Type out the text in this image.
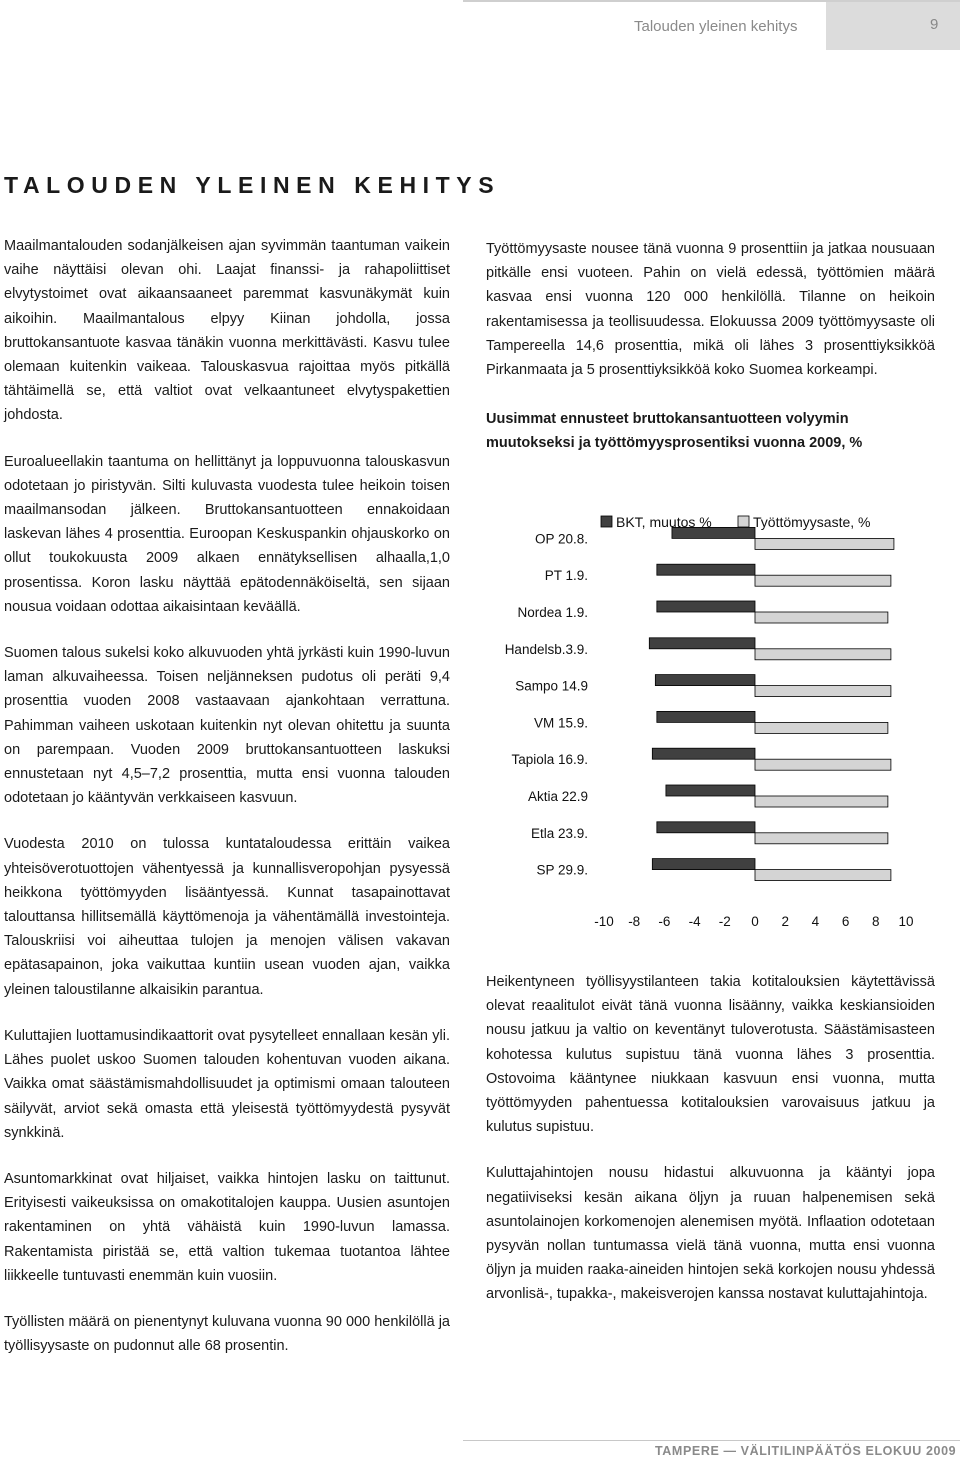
Talouden yleinen kehitys	9
TALOUDEN YLEINEN KEHITYS

Maailmantalouden sodanjälkeisen ajan syvimmän taantuman vaikein vaihe näyttäisi olevan ohi. Laajat finanssi- ja rahapoliittiset elvytystoimet ovat aikaansaaneet paremmat kasvunäkymät kuin aikoihin. Maailmantalous elpyy Kiinan johdolla, jossa bruttokansantuote kasvaa tänäkin vuonna merkittävästi. Kasvu tulee olemaan kuitenkin vaikeaa. Talouskasvua rajoittaa myös pitkällä tähtäimellä se, että valtiot ovat velkaantuneet elvytyspakettien johdosta.

Euroalueellakin taantuma on hellittänyt ja loppuvuonna talouskasvun odotetaan jo piristyvän. Silti kuluvasta vuodesta tulee heikoin toisen maailmansodan jälkeen. Bruttokansantuotteen ennakoidaan laskevan lähes 4 prosenttia. Euroopan Keskuspankin ohjauskorko on ollut toukokuusta 2009 alkaen ennätyksellisen alhaalla,1,0 prosentissa. Koron lasku näyttää epätodennäköiseltä, sen sijaan nousua voidaan odottaa aikaisintaan keväällä.

Suomen talous sukelsi koko alkuvuoden yhtä jyrkästi kuin 1990-luvun laman alkuvaiheessa. Toisen neljänneksen pudotus oli peräti 9,4 prosenttia vuoden 2008 vastaavaan ajankohtaan verrattuna. Pahimman vaiheen uskotaan kuitenkin nyt olevan ohitettu ja suunta on parempaan. Vuoden 2009 bruttokansantuotteen laskuksi ennustetaan nyt 4,5–7,2 prosenttia, mutta ensi vuonna talouden odotetaan jo kääntyvän verkkaiseen kasvuun.

Vuodesta 2010 on tulossa kuntataloudessa erittäin vaikea yhteisöverotuottojen vähentyessä ja kunnallisveropohjan pysyessä heikkona työttömyyden lisääntyessä. Kunnat tasapainottavat talouttansa hillitsemällä käyttömenoja ja vähentämällä investointeja. Talouskriisi voi aiheuttaa tulojen ja menojen välisen vakavan epätasapainon, joka vaikuttaa kuntiin usean vuoden ajan, vaikka yleinen taloustilanne alkaisikin parantua.

Kuluttajien luottamusindikaattorit ovat pysytelleet ennallaan kesän yli. Lähes puolet uskoo Suomen talouden kohentuvan vuoden aikana. Vaikka omat säästämismahdollisuudet ja optimismi omaan talouteen säilyvät, arviot sekä omasta että yleisestä työttömyydestä pysyvät synkkinä.

Asuntomarkkinat ovat hiljaiset, vaikka hintojen lasku on taittunut. Erityisesti vaikeuksissa on omakotitalojen kauppa. Uusien asuntojen rakentaminen on yhtä vähäistä kuin 1990-luvun lamassa. Rakentamista piristää se, että valtion tukemaa tuotantoa lähtee liikkeelle tuntuvasti enemmän kuin vuosiin.

Työllisten määrä on pienentynyt kuluvana vuonna 90 000 henkilöllä ja työllisyysaste on pudonnut alle 68 prosentin.

Työttömyysaste nousee tänä vuonna 9 prosenttiin ja jatkaa nousuaan pitkälle ensi vuoteen. Pahin on vielä edessä, työttömien määrä kasvaa ensi vuonna 120 000 henkilöllä. Tilanne on heikoin rakentamisessa ja teollisuudessa. Elokuussa 2009 työttömyysaste oli Tampereella 14,6 prosenttia, mikä oli lähes 3 prosenttiyksikköä Pirkanmaata ja 5 prosenttiyksikköä koko Suomea korkeampi.

Uusimmat ennusteet bruttokansantuotteen volyymin muutokseksi ja työttömyysprosentiksi vuonna 2009, %

OP 20.8.
PT 1.9.
Nordea 1.9.
Handelsb.3.9.
Sampo 14.9
VM 15.9.
Tapiola 16.9.
Aktia 22.9
Etla 23.9.
SP 29.9.
-10 -8 -6 -4 -2 0 2 4 6 8 10
BKT, muutos %	Työttömyysaste, %

Heikentyneen työllisyystilanteen takia kotitalouksien käytettävissä olevat reaalitulot eivät tänä vuonna lisäänny, vaikka keskiansioiden nousu jatkuu ja valtio on keventänyt tuloverotusta. Säästämisasteen kohotessa kulutus supistuu tänä vuonna lähes 3 prosenttia. Ostovoima kääntynee niukkaan kasvuun ensi vuonna, mutta työttömyyden pahentuessa kotitalouksien varovaisuus jatkuu ja kulutus supistuu.

Kuluttajahintojen nousu hidastui alkuvuonna ja kääntyi jopa negatiiviseksi kesän aikana öljyn ja ruuan halpenemisen sekä asuntolainojen korkomenojen alenemisen myötä. Inflaation odotetaan pysyvän nollan tuntumassa vielä tänä vuonna, mutta ensi vuonna öljyn ja muiden raaka-aineiden hintojen sekä korkojen nousu yhdessä arvonlisä-, tupakka-, makeisverojen kanssa nostavat kuluttajahintoja.

TAMPERE — VÄLITILINPÄÄTÖS ELOKUU 2009
